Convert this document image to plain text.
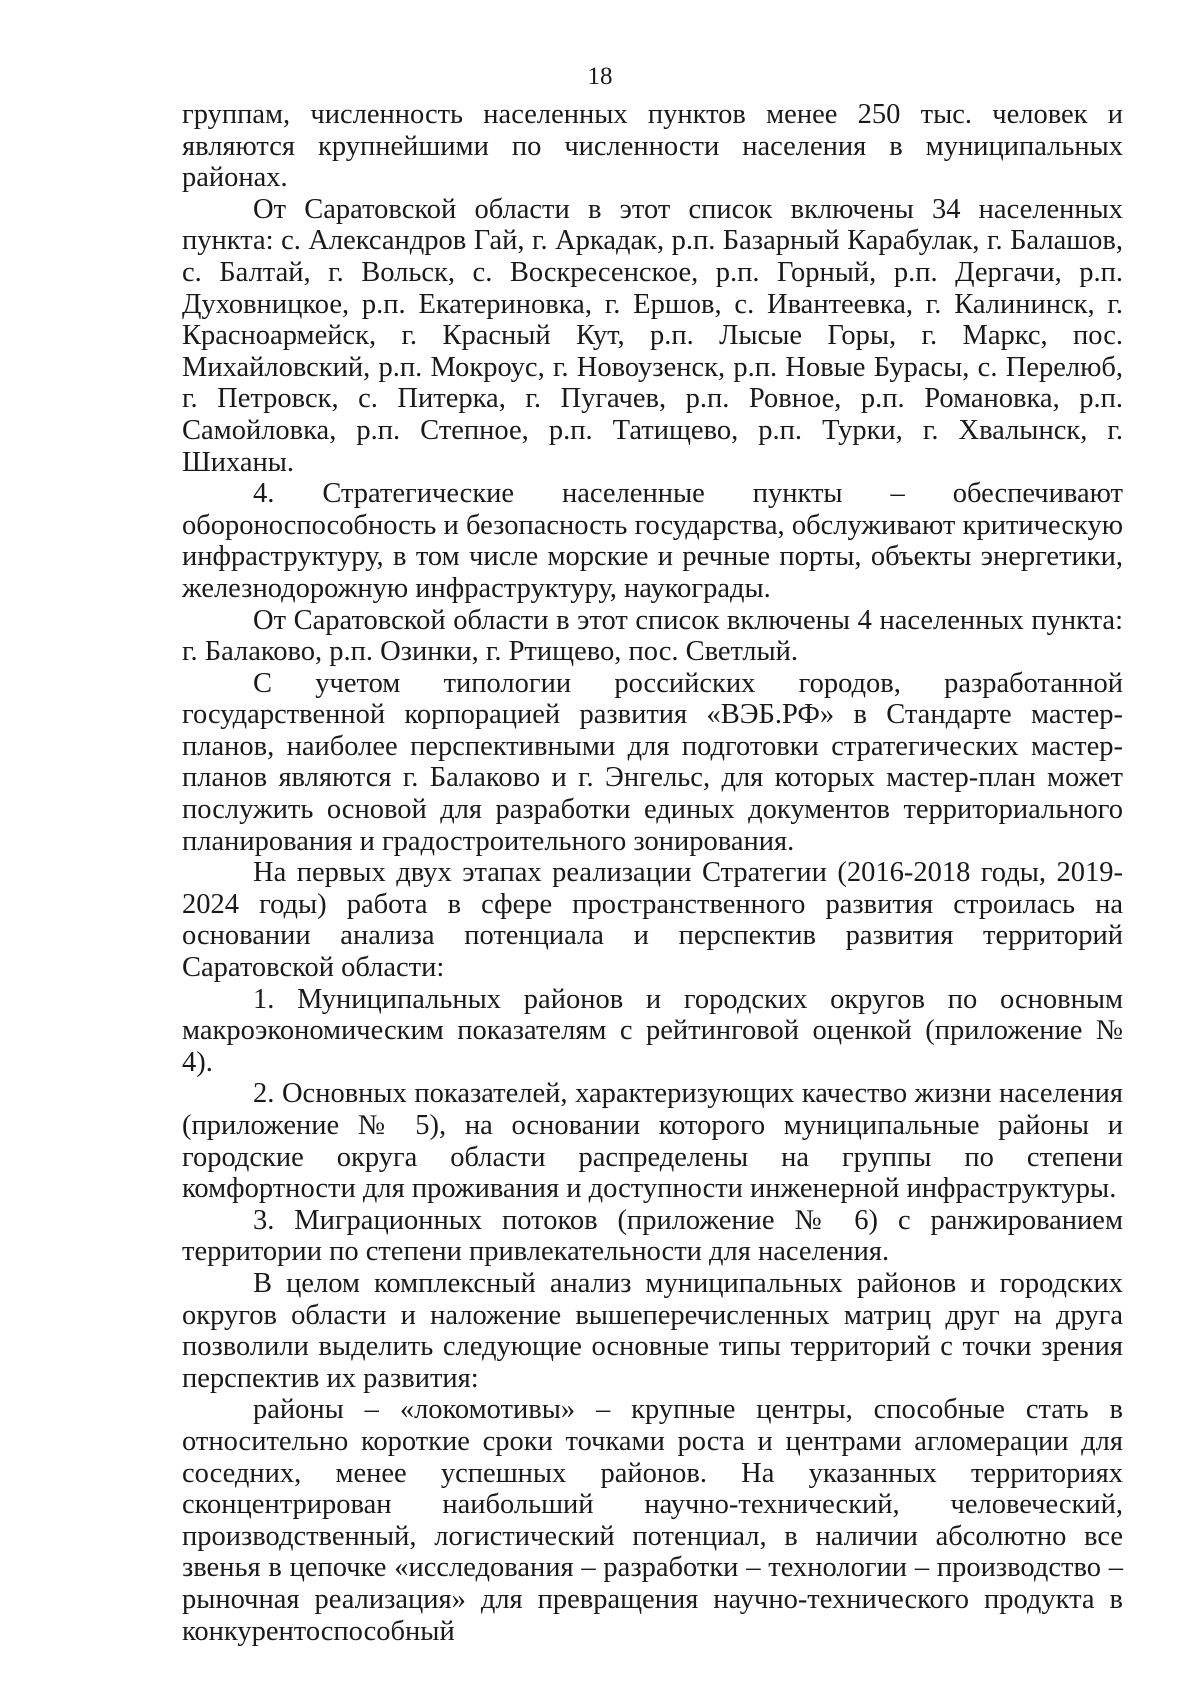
18

группам, численность населенных пунктов менее 250 тыс. человек и являются крупнейшими по численности населения в муниципальных районах.

От Саратовской области в этот список включены 34 населенных пункта: с. Александров Гай, г. Аркадак, р.п. Базарный Карабулак, г. Балашов, с. Балтай, г. Вольск, с. Воскресенское, р.п. Горный, р.п. Дергачи, р.п. Духовницкое, р.п. Екатериновка, г. Ершов, с. Ивантеевка, г. Калининск, г. Красноармейск, г. Красный Кут, р.п. Лысые Горы, г. Маркс, пос. Михайловский, р.п. Мокроус, г. Новоузенск, р.п. Новые Бурасы, с. Перелюб, г. Петровск, с. Питерка, г. Пугачев, р.п. Ровное, р.п. Романовка, р.п. Самойловка, р.п. Степное, р.п. Татищево, р.п. Турки, г. Хвалынск, г. Шиханы.

4. Стратегические населенные пункты – обеспечивают обороноспособность и безопасность государства, обслуживают критическую инфраструктуру, в том числе морские и речные порты, объекты энергетики, железнодорожную инфраструктуру, наукограды.

От Саратовской области в этот список включены 4 населенных пункта: г. Балаково, р.п. Озинки, г. Ртищево, пос. Светлый.

С учетом типологии российских городов, разработанной государственной корпорацией развития «ВЭБ.РФ» в Стандарте мастер-планов, наиболее перспективными для подготовки стратегических мастер-планов являются г. Балаково и г. Энгельс, для которых мастер-план может послужить основой для разработки единых документов территориального планирования и градостроительного зонирования.

На первых двух этапах реализации Стратегии (2016-2018 годы, 2019-2024 годы) работа в сфере пространственного развития строилась на основании анализа потенциала и перспектив развития территорий Саратовской области:

1. Муниципальных районов и городских округов по основным макроэкономическим показателям с рейтинговой оценкой (приложение № 4).

2. Основных показателей, характеризующих качество жизни населения (приложение № 5), на основании которого муниципальные районы и городские округа области распределены на группы по степени комфортности для проживания и доступности инженерной инфраструктуры.

3. Миграционных потоков (приложение № 6) с ранжированием территории по степени привлекательности для населения.

В целом комплексный анализ муниципальных районов и городских округов области и наложение вышеперечисленных матриц друг на друга позволили выделить следующие основные типы территорий с точки зрения перспектив их развития:

районы – «локомотивы» – крупные центры, способные стать в относительно короткие сроки точками роста и центрами агломерации для соседних, менее успешных районов. На указанных территориях сконцентрирован наибольший научно-технический, человеческий, производственный, логистический потенциал, в наличии абсолютно все звенья в цепочке «исследования – разработки – технологии – производство – рыночная реализация» для превращения научно-технического продукта в конкурентоспособный
